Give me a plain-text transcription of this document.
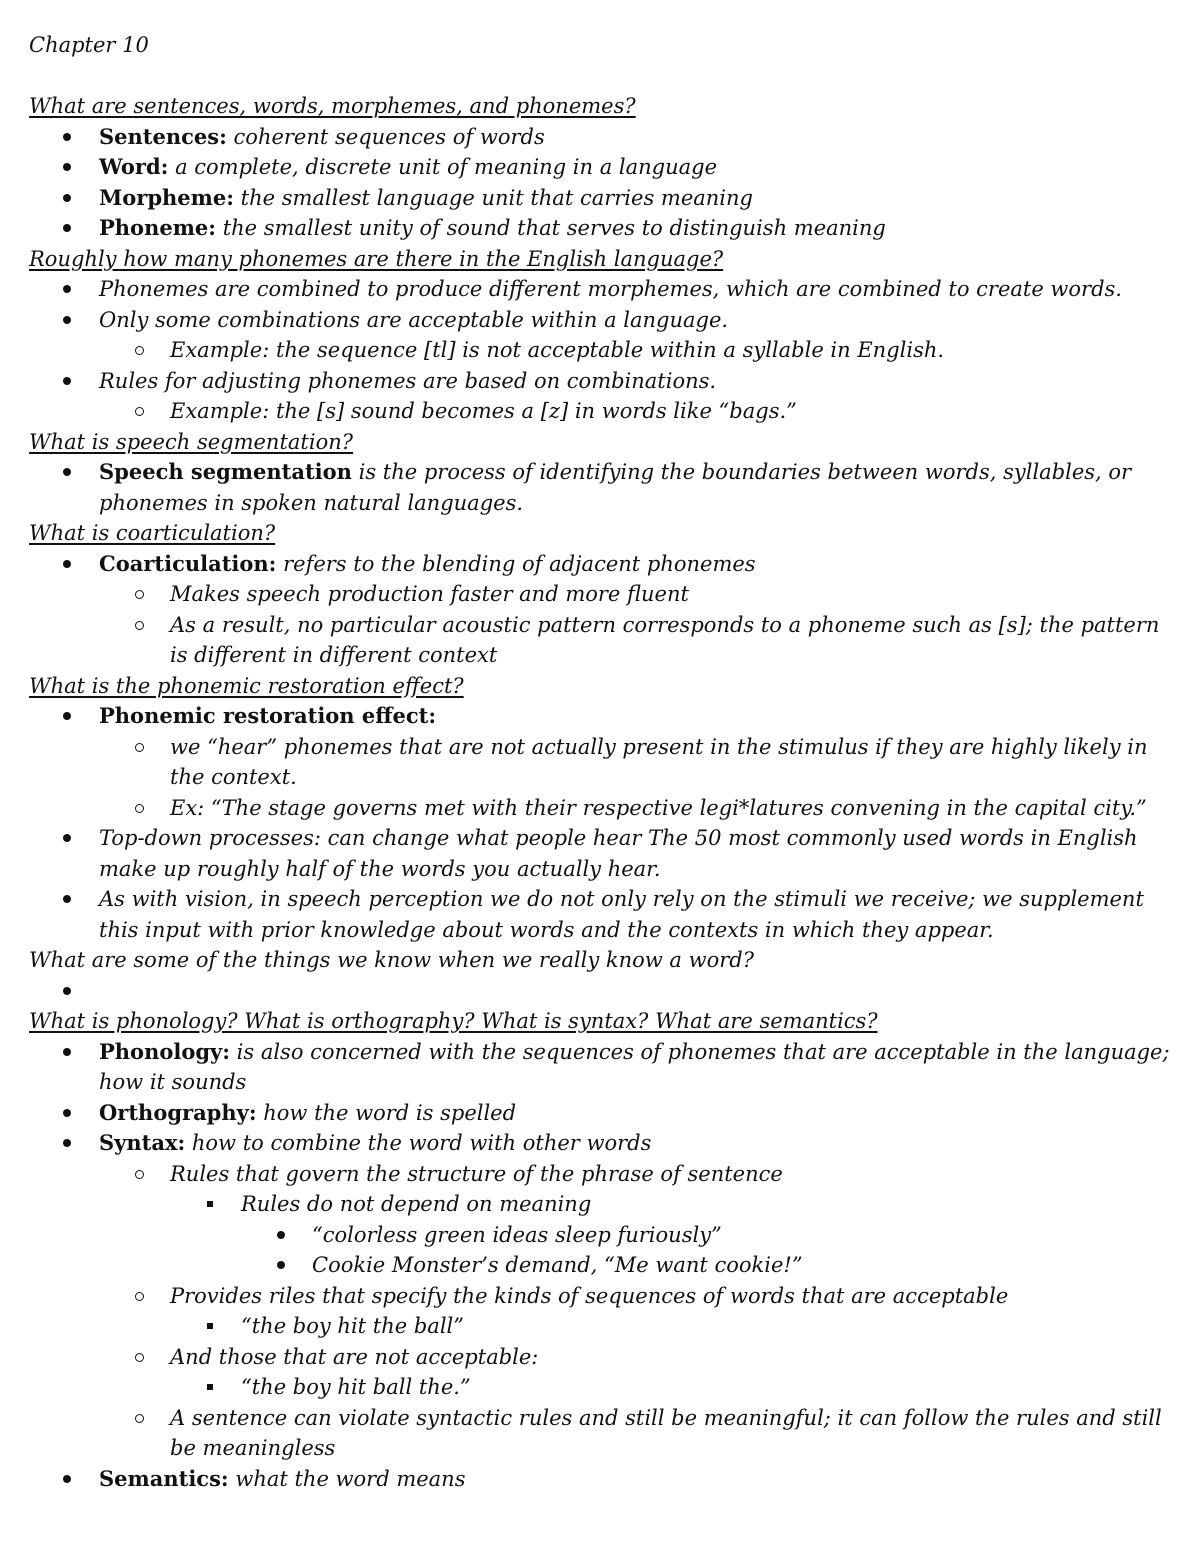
Chapter 10
What are sentences, words, morphemes, and phonemes?
Sentences: coherent sequences of words
Word: a complete, discrete unit of meaning in a language
Morpheme: the smallest language unit that carries meaning
Phoneme: the smallest unity of sound that serves to distinguish meaning
Roughly how many phonemes are there in the English language?
Phonemes are combined to produce different morphemes, which are combined to create words.
Only some combinations are acceptable within a language.
Example: the sequence [tl] is not acceptable within a syllable in English.
Rules for adjusting phonemes are based on combinations.
Example: the [s] sound becomes a [z] in words like “bags.”
What is speech segmentation?
Speech segmentation is the process of identifying the boundaries between words, syllables, or phonemes in spoken natural languages.
What is coarticulation?
Coarticulation: refers to the blending of adjacent phonemes
Makes speech production faster and more fluent
As a result, no particular acoustic pattern corresponds to a phoneme such as [s]; the pattern is different in different context
What is the phonemic restoration effect?
Phonemic restoration effect:
we “hear” phonemes that are not actually present in the stimulus if they are highly likely in the context.
Ex: “The stage governs met with their respective legi*latures convening in the capital city.”
Top-down processes: can change what people hear The 50 most commonly used words in English make up roughly half of the words you actually hear.
As with vision, in speech perception we do not only rely on the stimuli we receive; we supplement this input with prior knowledge about words and the contexts in which they appear.
What are some of the things we know when we really know a word?

What is phonology? What is orthography? What is syntax? What are semantics?
Phonology: is also concerned with the sequences of phonemes that are acceptable in the language; how it sounds
Orthography: how the word is spelled
Syntax: how to combine the word with other words
Rules that govern the structure of the phrase of sentence
Rules do not depend on meaning
“colorless green ideas sleep furiously”
Cookie Monster’s demand, “Me want cookie!”
Provides riles that specify the kinds of sequences of words that are acceptable
“the boy hit the ball”
And those that are not acceptable:
“the boy hit ball the.”
A sentence can violate syntactic rules and still be meaningful; it can follow the rules and still be meaningless
Semantics: what the word means
